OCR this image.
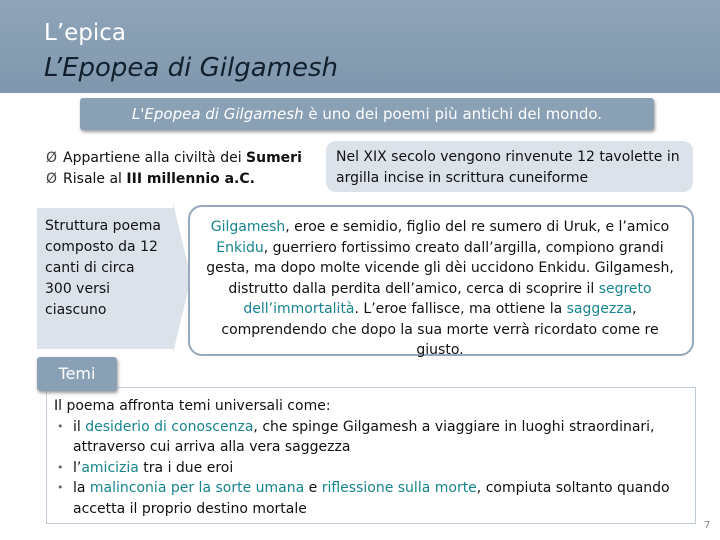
L’epica
L’Epopea di Gilgamesh
L'Epopea di Gilgamesh è uno dei poemi più antichi del mondo.
Ø Appartiene alla civiltà dei Sumeri
Ø Risale al III millennio a.C.
Nel XIX secolo vengono rinvenute 12 tavolette in argilla incise in scrittura cuneiforme
Struttura poema composto da 12 canti di circa 300 versi ciascuno
Gilgamesh, eroe e semidio, figlio del re sumero di Uruk, e l’amico Enkidu, guerriero fortissimo creato dall’argilla, compiono grandi gesta, ma dopo molte vicende gli dèi uccidono Enkidu. Gilgamesh, distrutto dalla perdita dell’amico, cerca di scoprire il segreto dell’immortalità. L’eroe fallisce, ma ottiene la saggezza, comprendendo che dopo la sua morte verrà ricordato come re giusto.
Temi
Il poema affronta temi universali come:
• il desiderio di conoscenza, che spinge Gilgamesh a viaggiare in luoghi straordinari, attraverso cui arriva alla vera saggezza
• l’amicizia tra i due eroi
• la malinconia per la sorte umana e riflessione sulla morte, compiuta soltanto quando accetta il proprio destino mortale
7
